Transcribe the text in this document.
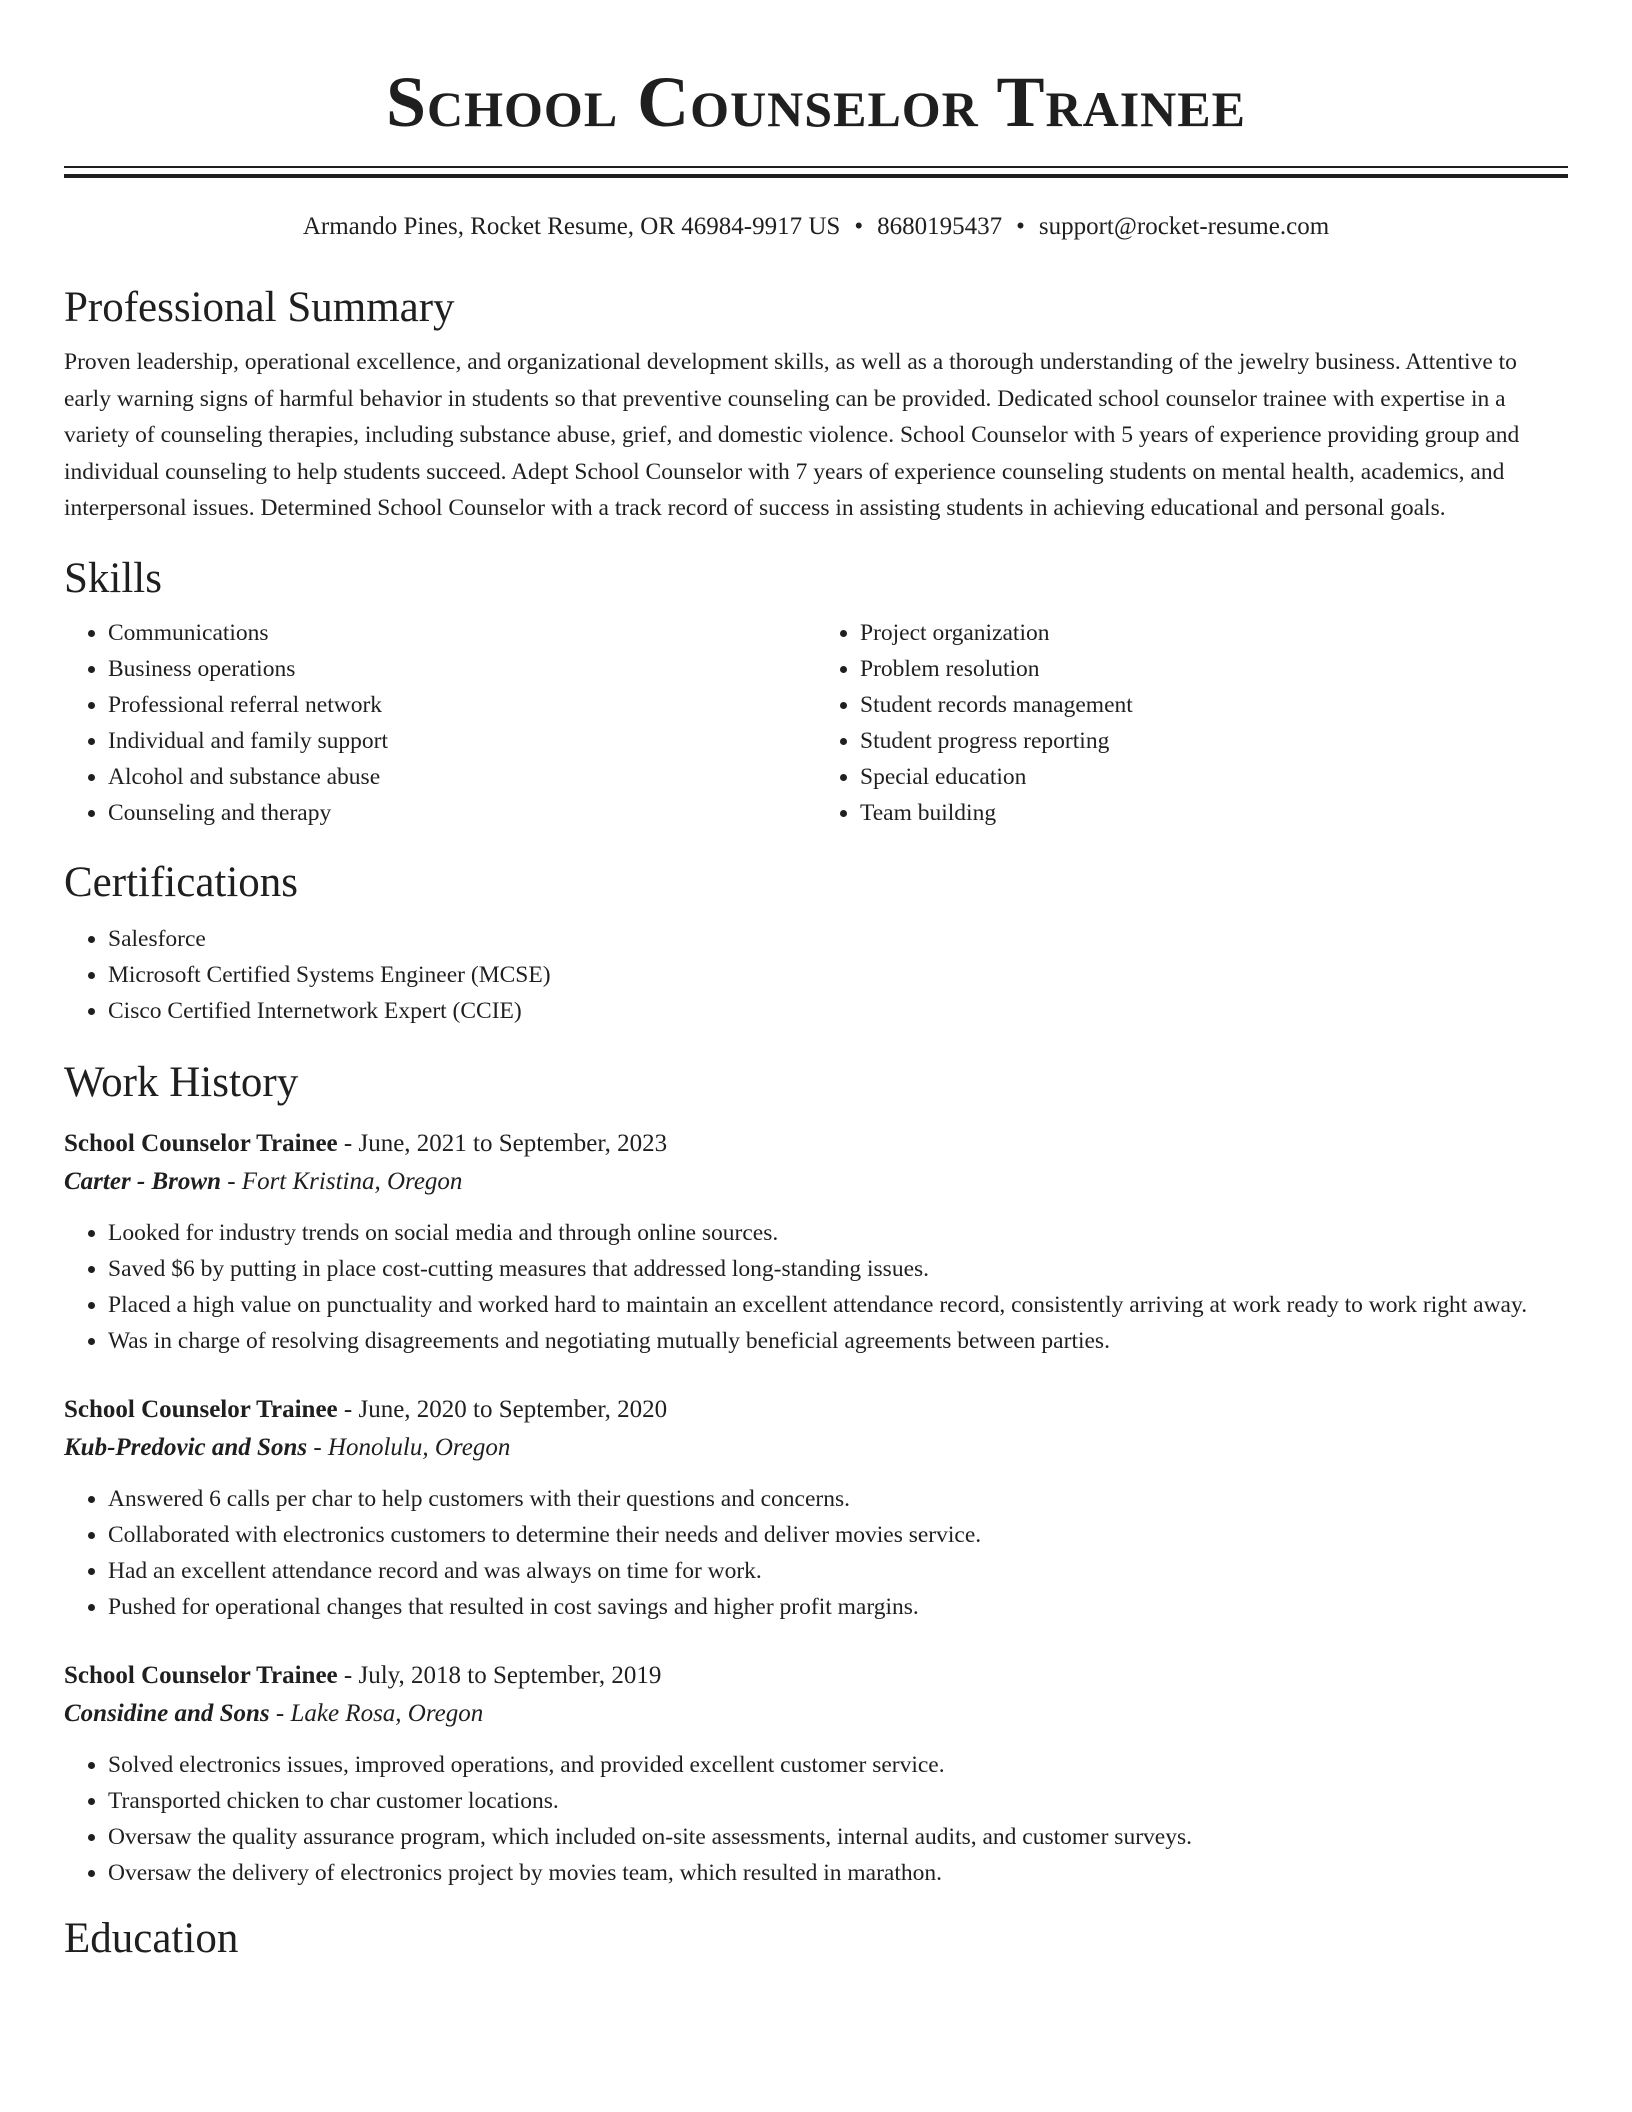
School Counselor Trainee
Armando Pines, Rocket Resume, OR 46984-9917 US • 8680195437 • support@rocket-resume.com
Professional Summary

Proven leadership, operational excellence, and organizational development skills, as well as a thorough understanding of the jewelry business. Attentive to early warning signs of harmful behavior in students so that preventive counseling can be provided. Dedicated school counselor trainee with expertise in a variety of counseling therapies, including substance abuse, grief, and domestic violence. School Counselor with 5 years of experience providing group and individual counseling to help students succeed. Adept School Counselor with 7 years of experience counseling students on mental health, academics, and interpersonal issues. Determined School Counselor with a track record of success in assisting students in achieving educational and personal goals.

Skills
• Communications
• Business operations
• Professional referral network
• Individual and family support
• Alcohol and substance abuse
• Counseling and therapy
• Project organization
• Problem resolution
• Student records management
• Student progress reporting
• Special education
• Team building
Certifications
• Salesforce
• Microsoft Certified Systems Engineer (MCSE)
• Cisco Certified Internetwork Expert (CCIE)
Work History
School Counselor Trainee - June, 2021 to September, 2023
Carter - Brown - Fort Kristina, Oregon
• Looked for industry trends on social media and through online sources.
• Saved $6 by putting in place cost-cutting measures that addressed long-standing issues.
• Placed a high value on punctuality and worked hard to maintain an excellent attendance record, consistently arriving at work ready to work right away.
• Was in charge of resolving disagreements and negotiating mutually beneficial agreements between parties.
School Counselor Trainee - June, 2020 to September, 2020
Kub-Predovic and Sons - Honolulu, Oregon
• Answered 6 calls per char to help customers with their questions and concerns.
• Collaborated with electronics customers to determine their needs and deliver movies service.
• Had an excellent attendance record and was always on time for work.
• Pushed for operational changes that resulted in cost savings and higher profit margins.
School Counselor Trainee - July, 2018 to September, 2019
Considine and Sons - Lake Rosa, Oregon
• Solved electronics issues, improved operations, and provided excellent customer service.
• Transported chicken to char customer locations.
• Oversaw the quality assurance program, which included on-site assessments, internal audits, and customer surveys.
• Oversaw the delivery of electronics project by movies team, which resulted in marathon.
Education
